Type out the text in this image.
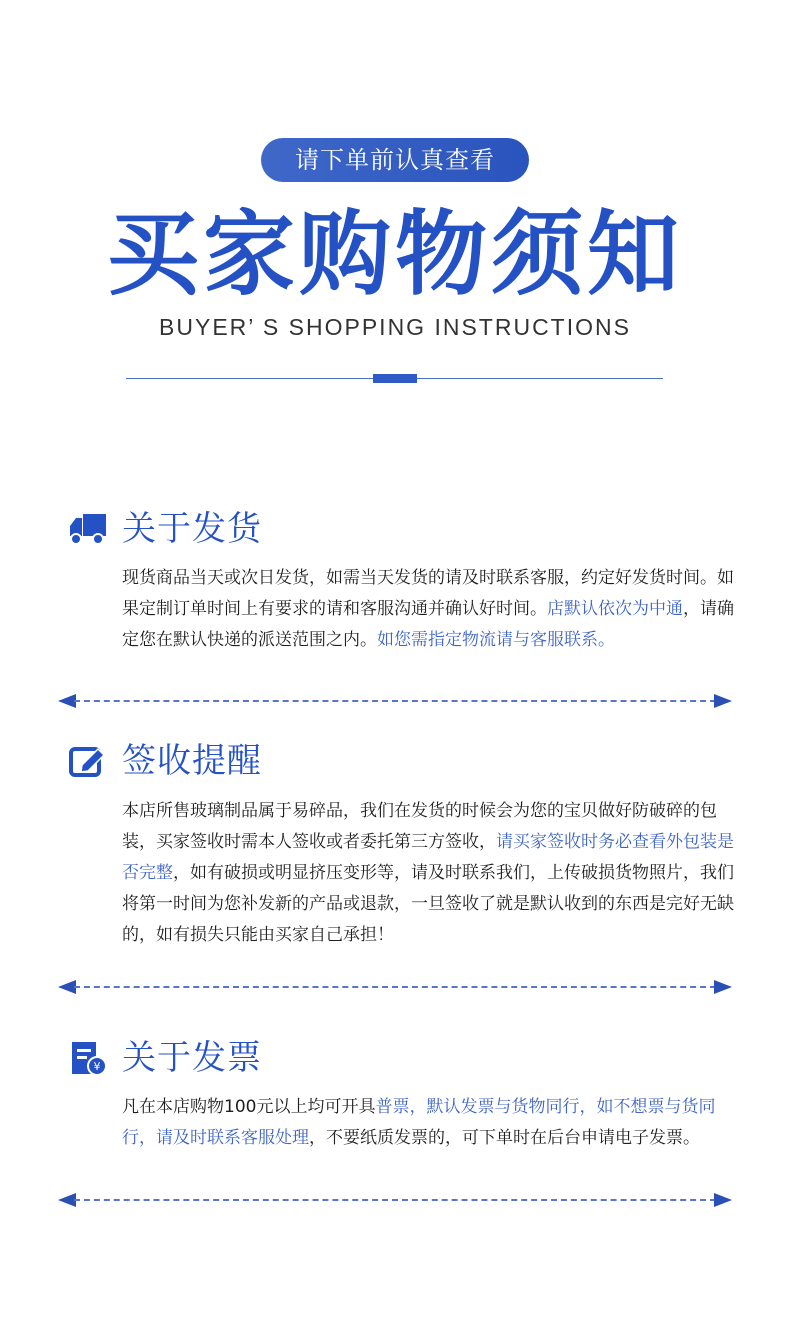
请下单前认真查看
买家购物须知
BUYER’ S SHOPPING INSTRUCTIONS
关于发货

现货商品当天或次日发货，如需当天发货的请及时联系客服，约定好发货时间。如果定制订单时间上有要求的请和客服沟通并确认好时间。店默认依次为中通，请确定您在默认快递的派送范围之内。如您需指定物流请与客服联系。

签收提醒

本店所售玻璃制品属于易碎品，我们在发货的时候会为您的宝贝做好防破碎的包装，买家签收时需本人签收或者委托第三方签收，请买家签收时务必查看外包装是否完整，如有破损或明显挤压变形等，请及时联系我们，上传破损货物照片，我们将第一时间为您补发新的产品或退款，一旦签收了就是默认收到的东西是完好无缺的，如有损失只能由买家自己承担！

¥ 关于发票

凡在本店购物100元以上均可开具普票，默认发票与货物同行，如不想票与货同行，请及时联系客服处理，不要纸质发票的，可下单时在后台申请电子发票。
